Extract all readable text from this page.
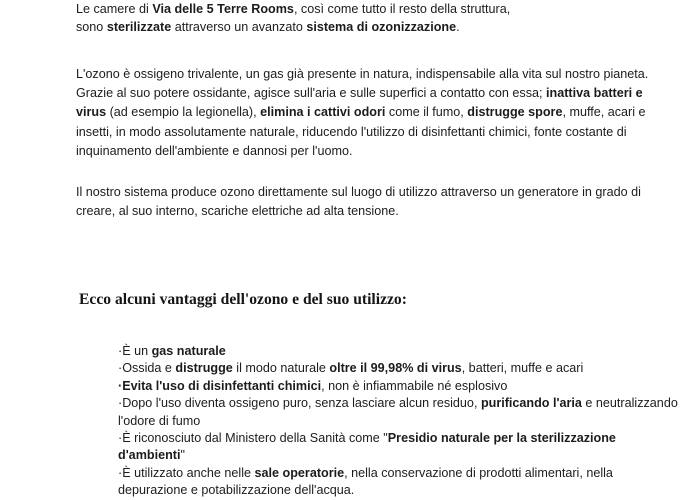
Le camere di Via delle 5 Terre Rooms, così come tutto il resto della struttura,
sono sterilizzate attraverso un avanzato sistema di ozonizzazione.

L'ozono è ossigeno trivalente, un gas già presente in natura, indispensabile alla vita sul nostro pianeta. Grazie al suo potere ossidante, agisce sull'aria e sulle superfici a contatto con essa; inattiva batteri e virus (ad esempio la legionella), elimina i cattivi odori come il fumo, distrugge spore, muffe, acari e insetti, in modo assolutamente naturale, riducendo l'utilizzo di disinfettanti chimici, fonte costante di inquinamento dell'ambiente e dannosi per l'uomo.

Il nostro sistema produce ozono direttamente sul luogo di utilizzo attraverso un generatore in grado di creare, al suo interno, scariche elettriche ad alta tensione.

Ecco alcuni vantaggi dell'ozono e del suo utilizzo:
·È un gas naturale
·Ossida e distrugge il modo naturale oltre il 99,98% di virus, batteri, muffe e acari
·Evita l'uso di disinfettanti chimici, non è infiammabile né esplosivo
·Dopo l'uso diventa ossigeno puro, senza lasciare alcun residuo, purificando l'aria e neutralizzando l'odore di fumo
·È riconosciuto dal Ministero della Sanità come "Presidio naturale per la sterilizzazione d'ambienti"
·È utilizzato anche nelle sale operatorie, nella conservazione di prodotti alimentari, nella depurazione e potabilizzazione dell'acqua.
